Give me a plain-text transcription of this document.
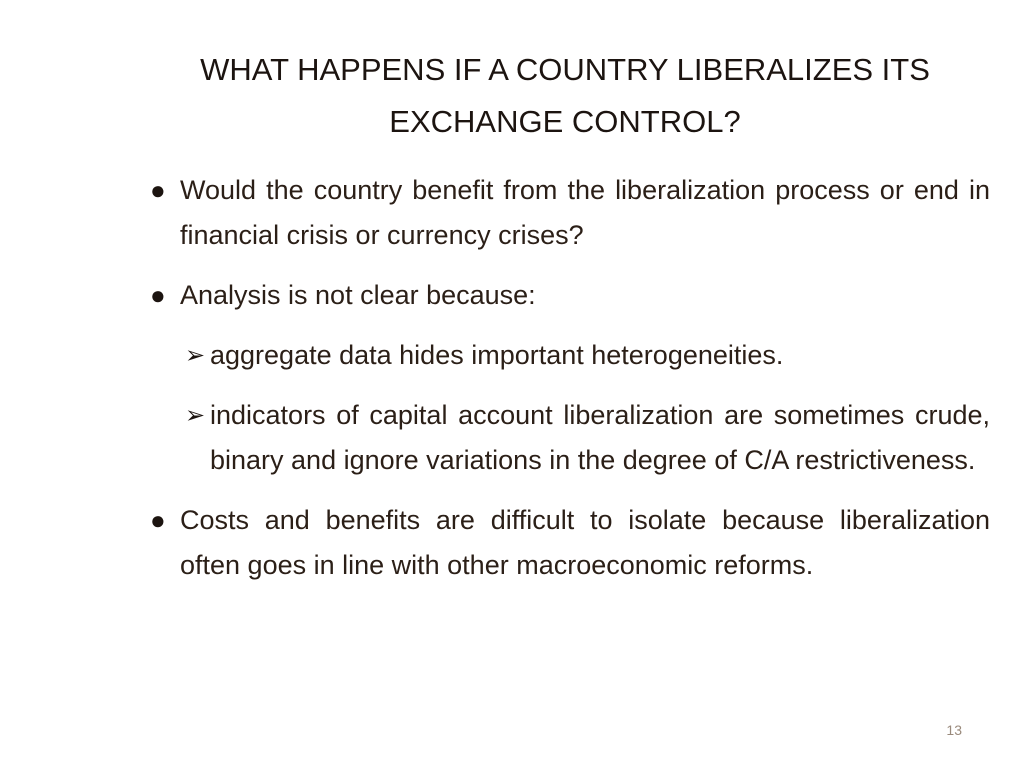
WHAT HAPPENS IF A COUNTRY LIBERALIZES ITS EXCHANGE CONTROL?
● Would the country benefit from the liberalization process or end in financial crisis or currency crises?
● Analysis is not clear because:
➢ aggregate data hides important heterogeneities.
➢ indicators of capital account liberalization are sometimes crude, binary and ignore variations in the degree of C/A restrictiveness.
● Costs and benefits are difficult to isolate because liberalization often goes in line with other macroeconomic reforms.
13
